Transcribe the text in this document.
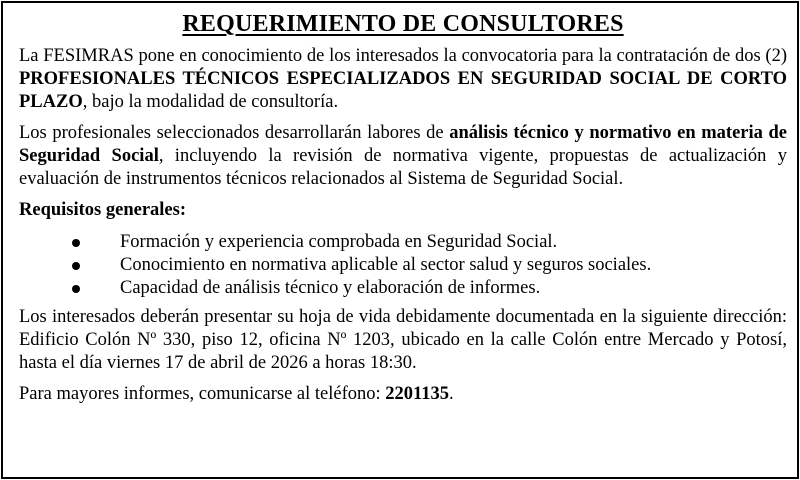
REQUERIMIENTO DE CONSULTORES

La FESIMRAS pone en conocimiento de los interesados la convocatoria para la contratación de dos (2) PROFESIONALES TÉCNICOS ESPECIALIZADOS EN SEGURIDAD SOCIAL DE CORTO PLAZO, bajo la modalidad de consultoría.

Los profesionales seleccionados desarrollarán labores de análisis técnico y normativo en materia de Seguridad Social, incluyendo la revisión de normativa vigente, propuestas de actualización y evaluación de instrumentos técnicos relacionados al Sistema de Seguridad Social.

Requisitos generales:
Formación y experiencia comprobada en Seguridad Social.
Conocimiento en normativa aplicable al sector salud y seguros sociales.
Capacidad de análisis técnico y elaboración de informes.

Los interesados deberán presentar su hoja de vida debidamente documentada en la siguiente dirección: Edificio Colón Nº 330, piso 12, oficina Nº 1203, ubicado en la calle Colón entre Mercado y Potosí, hasta el día viernes 17 de abril de 2026 a horas 18:30.

Para mayores informes, comunicarse al teléfono: 2201135.
